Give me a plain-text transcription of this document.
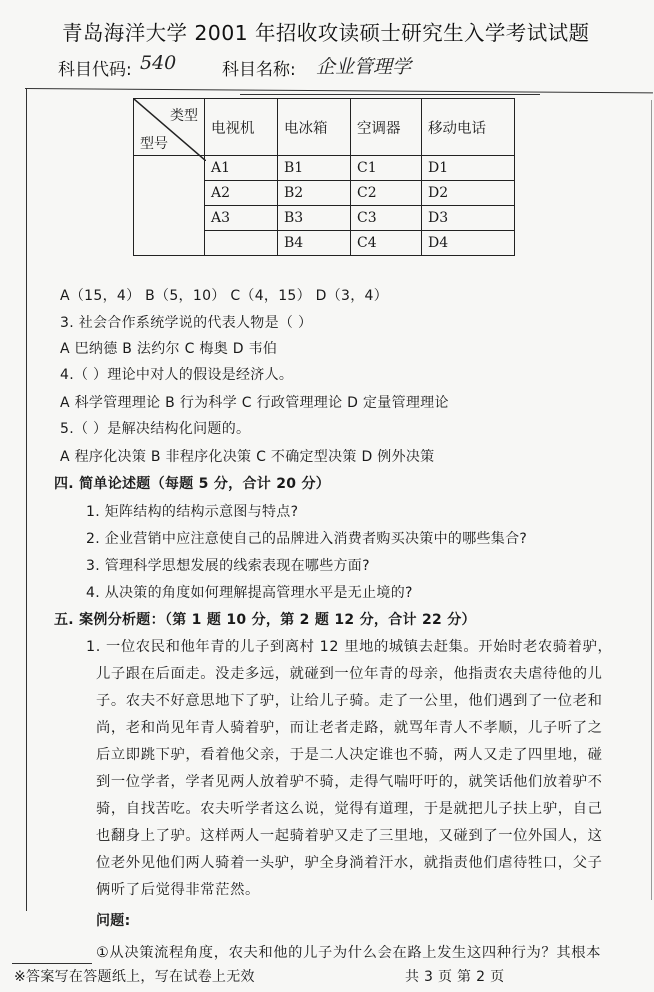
青岛海洋大学 2001 年招收攻读硕士研究生入学考试试题
科目代码: 540	科目名称: 企业管理学
类型
型号	电视机	电冰箱	空调器	移动电话
	A1	B1	C1	D1
	A2	B2	C2	D2
	A3	B3	C3	D3
		B4	C4	D4
A（15，4） B（5，10） C（4，15） D（3，4）
3. 社会合作系统学说的代表人物是（ ）
A 巴纳德 B 法约尔 C 梅奥 D 韦伯
4.（ ）理论中对人的假设是经济人。
A 科学管理理论 B 行为科学 C 行政管理理论 D 定量管理理论
5.（ ）是解决结构化问题的。
A 程序化决策 B 非程序化决策 C 不确定型决策 D 例外决策
四. 简单论述题（每题 5 分，合计 20 分）
1. 矩阵结构的结构示意图与特点?
2. 企业营销中应注意使自己的品牌进入消费者购买决策中的哪些集合?
3. 管理科学思想发展的线索表现在哪些方面?
4. 从决策的角度如何理解提高管理水平是无止境的?
五. 案例分析题：（第 1 题 10 分，第 2 题 12 分，合计 22 分）
1. 一位农民和他年青的儿子到离村 12 里地的城镇去赶集。开始时老农骑着驴，
儿子跟在后面走。没走多远，就碰到一位年青的母亲，他指责农夫虐待他的儿
子。农夫不好意思地下了驴，让给儿子骑。走了一公里，他们遇到了一位老和
尚，老和尚见年青人骑着驴，而让老者走路，就骂年青人不孝顺，儿子听了之
后立即跳下驴，看着他父亲，于是二人决定谁也不骑，两人又走了四里地，碰
到一位学者，学者见两人放着驴不骑，走得气喘吁吁的，就笑话他们放着驴不
骑，自找苦吃。农夫听学者这么说，觉得有道理，于是就把儿子扶上驴，自己
也翻身上了驴。这样两人一起骑着驴又走了三里地，又碰到了一位外国人，这
位老外见他们两人骑着一头驴，驴全身淌着汗水，就指责他们虐待牲口，父子
俩听了后觉得非常茫然。
问题:
①从决策流程角度，农夫和他的儿子为什么会在路上发生这四种行为？其根本
※答案写在答题纸上，写在试卷上无效	共 3 页 第 2 页
